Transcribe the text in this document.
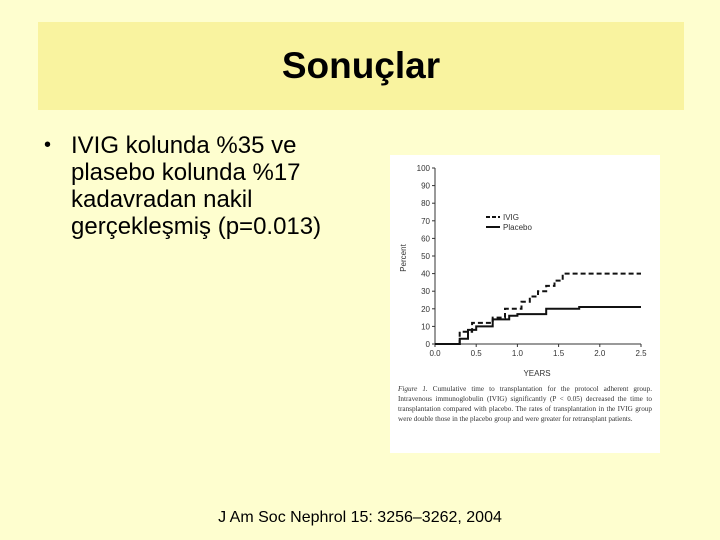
Sonuçlar
• IVIG kolunda %35 ve plasebo kolunda %17 kadavradan nakil gerçekleşmiş (p=0.013)
Percent
YEARS
0
10
20
30
40
50
60
70
80
90
100
0.0	0.5	1.0	1.5	2.0	2.5
IVIG
Placebo
Figure 1. Cumulative time to transplantation for the protocol adherent group. Intravenous immunoglobulin (IVIG) significantly (P < 0.05) decreased the time to transplantation compared with placebo. The rates of transplantation in the IVIG group were double those in the placebo group and were greater for retransplant patients.
J Am Soc Nephrol 15: 3256–3262, 2004
